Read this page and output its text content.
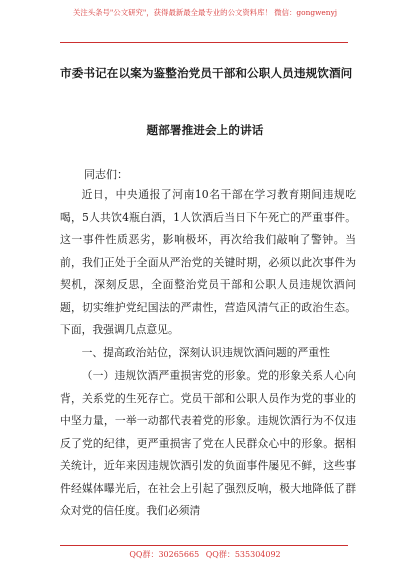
关注头条号"公文研究"，获得最新最全最专业的公文资料库！ 微信：gongwenyj
市委书记在以案为鉴整治党员干部和公职人员违规饮酒问
题部署推进会上的讲话
同志们：

近日，中央通报了河南10名干部在学习教育期间违规吃喝，5人共饮4瓶白酒，1人饮酒后当日下午死亡的严重事件。这一事件性质恶劣，影响极坏，再次给我们敲响了警钟。当前，我们正处于全面从严治党的关键时期，必须以此次事件为契机，深刻反思，全面整治党员干部和公职人员违规饮酒问题，切实维护党纪国法的严肃性，营造风清气正的政治生态。下面，我强调几点意见。

一、提高政治站位，深刻认识违规饮酒问题的严重性

（一）违规饮酒严重损害党的形象。党的形象关系人心向背，关系党的生死存亡。党员干部和公职人员作为党的事业的中坚力量，一举一动都代表着党的形象。违规饮酒行为不仅违反了党的纪律，更严重损害了党在人民群众心中的形象。据相关统计，近年来因违规饮酒引发的负面事件屡见不鲜，这些事件经媒体曝光后，在社会上引起了强烈反响，极大地降低了群众对党的信任度。我们必须清

QQ群：30265665 QQ群：535304092
